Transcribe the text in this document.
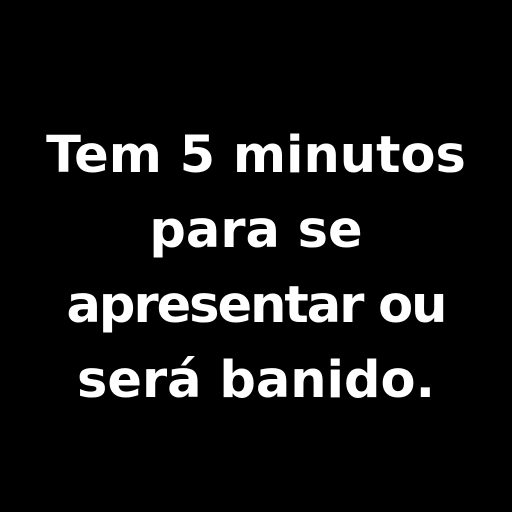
Tem 5 minutos
para se
apresentar ou
será banido.
